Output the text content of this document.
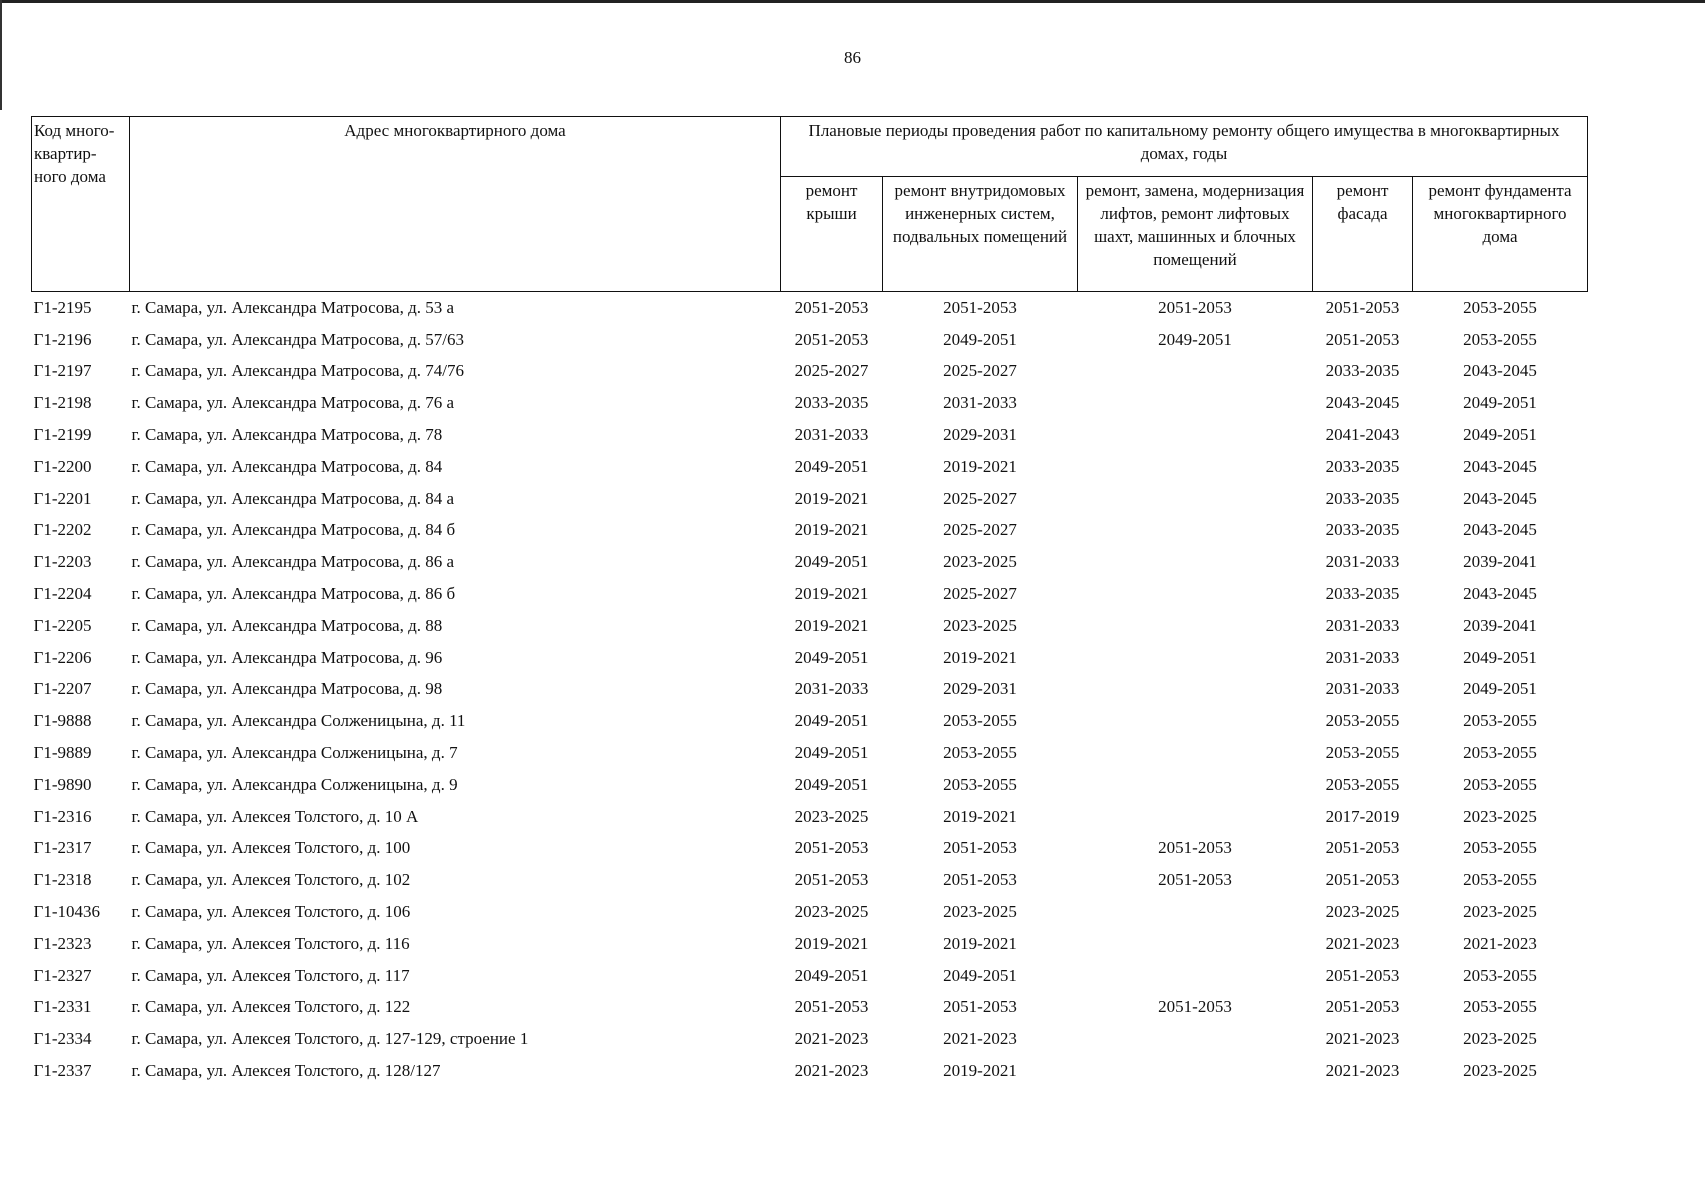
86
Код много-квартир-ного дома	Адрес многоквартирного дома	Плановые периоды проведения работ по капитальному ремонту общего имущества в многоквартирных домах, годы				
		ремонт крыши	ремонт внутридомовых инженерных систем, подвальных помещений	ремонт, замена, модернизация лифтов, ремонт лифтовых шахт, машинных и блочных помещений	ремонт фасада	ремонт фундамента многоквартирного дома
Г1-2195	г. Самара, ул. Александра Матросова, д. 53 а	2051-2053	2051-2053	2051-2053	2051-2053	2053-2055
Г1-2196	г. Самара, ул. Александра Матросова, д. 57/63	2051-2053	2049-2051	2049-2051	2051-2053	2053-2055
Г1-2197	г. Самара, ул. Александра Матросова, д. 74/76	2025-2027	2025-2027		2033-2035	2043-2045
Г1-2198	г. Самара, ул. Александра Матросова, д. 76 а	2033-2035	2031-2033		2043-2045	2049-2051
Г1-2199	г. Самара, ул. Александра Матросова, д. 78	2031-2033	2029-2031		2041-2043	2049-2051
Г1-2200	г. Самара, ул. Александра Матросова, д. 84	2049-2051	2019-2021		2033-2035	2043-2045
Г1-2201	г. Самара, ул. Александра Матросова, д. 84 а	2019-2021	2025-2027		2033-2035	2043-2045
Г1-2202	г. Самара, ул. Александра Матросова, д. 84 б	2019-2021	2025-2027		2033-2035	2043-2045
Г1-2203	г. Самара, ул. Александра Матросова, д. 86 а	2049-2051	2023-2025		2031-2033	2039-2041
Г1-2204	г. Самара, ул. Александра Матросова, д. 86 б	2019-2021	2025-2027		2033-2035	2043-2045
Г1-2205	г. Самара, ул. Александра Матросова, д. 88	2019-2021	2023-2025		2031-2033	2039-2041
Г1-2206	г. Самара, ул. Александра Матросова, д. 96	2049-2051	2019-2021		2031-2033	2049-2051
Г1-2207	г. Самара, ул. Александра Матросова, д. 98	2031-2033	2029-2031		2031-2033	2049-2051
Г1-9888	г. Самара, ул. Александра Солженицына, д. 11	2049-2051	2053-2055		2053-2055	2053-2055
Г1-9889	г. Самара, ул. Александра Солженицына, д. 7	2049-2051	2053-2055		2053-2055	2053-2055
Г1-9890	г. Самара, ул. Александра Солженицына, д. 9	2049-2051	2053-2055		2053-2055	2053-2055
Г1-2316	г. Самара, ул. Алексея Толстого, д. 10 А	2023-2025	2019-2021		2017-2019	2023-2025
Г1-2317	г. Самара, ул. Алексея Толстого, д. 100	2051-2053	2051-2053	2051-2053	2051-2053	2053-2055
Г1-2318	г. Самара, ул. Алексея Толстого, д. 102	2051-2053	2051-2053	2051-2053	2051-2053	2053-2055
Г1-10436	г. Самара, ул. Алексея Толстого, д. 106	2023-2025	2023-2025		2023-2025	2023-2025
Г1-2323	г. Самара, ул. Алексея Толстого, д. 116	2019-2021	2019-2021		2021-2023	2021-2023
Г1-2327	г. Самара, ул. Алексея Толстого, д. 117	2049-2051	2049-2051		2051-2053	2053-2055
Г1-2331	г. Самара, ул. Алексея Толстого, д. 122	2051-2053	2051-2053	2051-2053	2051-2053	2053-2055
Г1-2334	г. Самара, ул. Алексея Толстого, д. 127-129, строение 1	2021-2023	2021-2023		2021-2023	2023-2025
Г1-2337	г. Самара, ул. Алексея Толстого, д. 128/127	2021-2023	2019-2021		2021-2023	2023-2025
